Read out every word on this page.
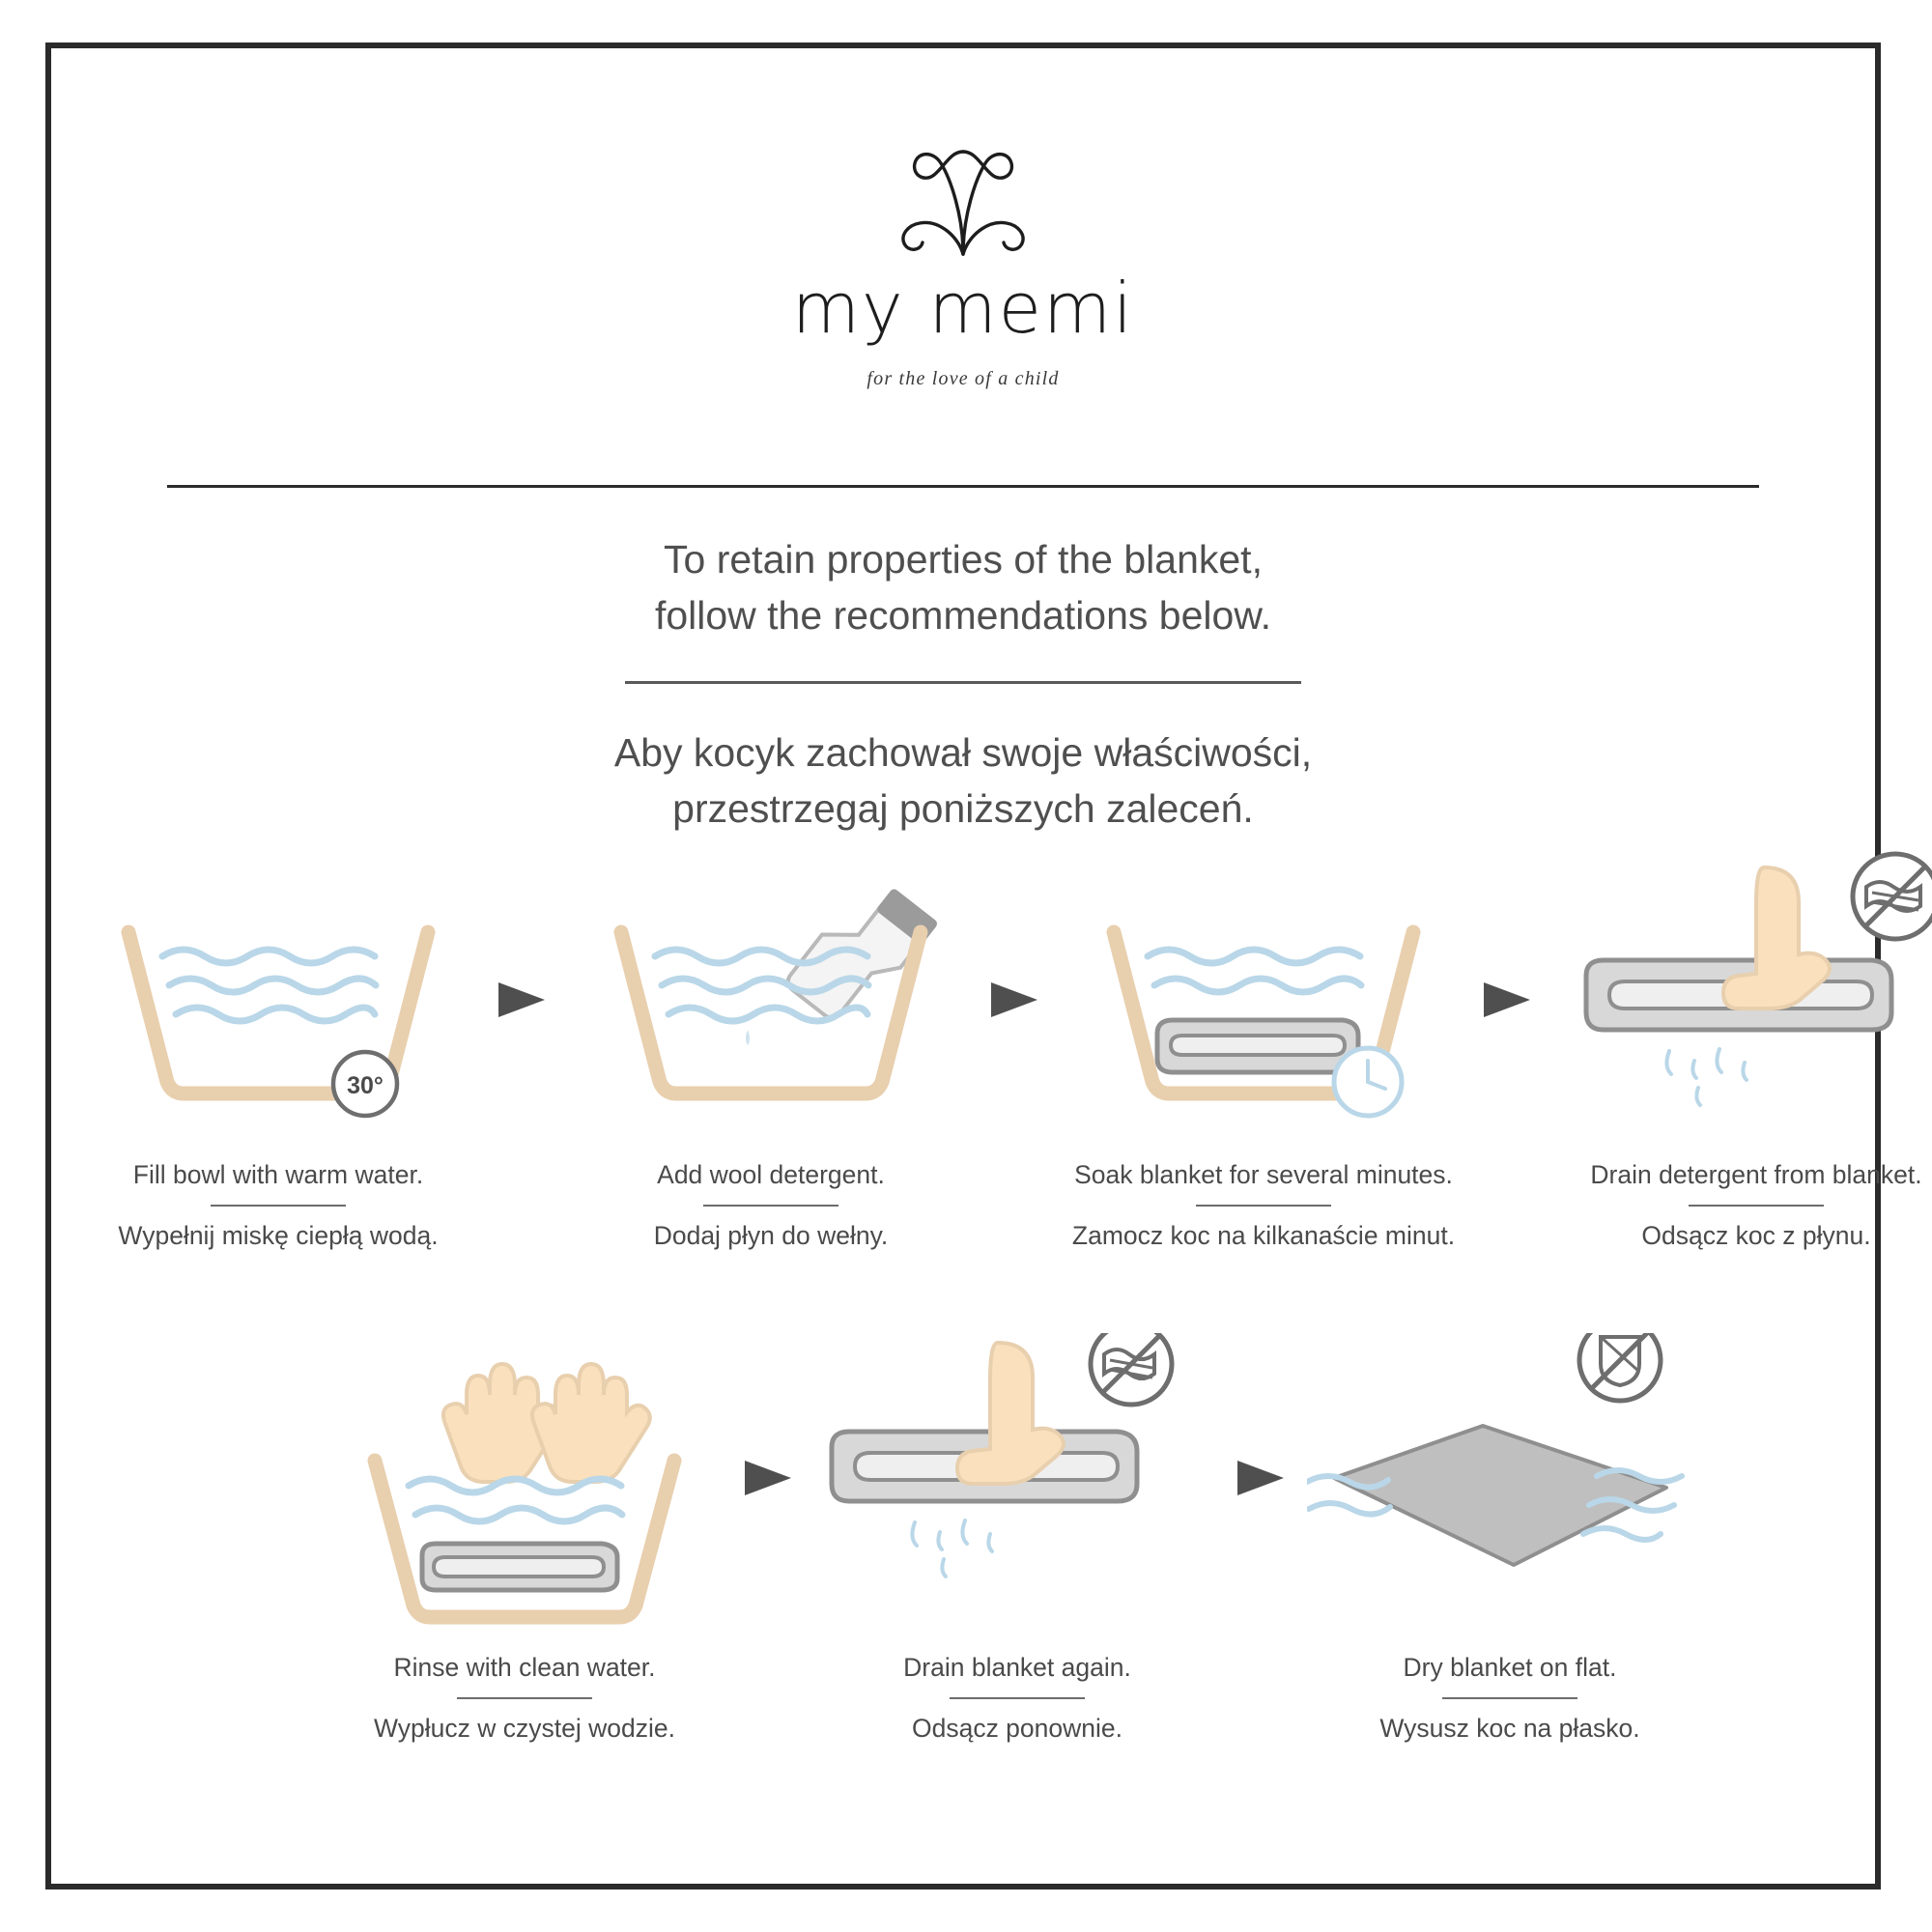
my memi
for the love of a child
To retain properties of the blanket,
follow the recommendations below.
Aby kocyk zachował swoje właściwości,
przestrzegaj poniższych zaleceń.
30°
Fill bowl with warm water.
Wypełnij miskę ciepłą wodą.
Add wool detergent.
Dodaj płyn do wełny.
Soak blanket for several minutes.
Zamocz koc na kilkanaście minut.
Drain detergent from blanket.
Odsącz koc z płynu.
Rinse with clean water.
Wypłucz w czystej wodzie.
Drain blanket again.
Odsącz ponownie.
Dry blanket on flat.
Wysusz koc na płasko.
